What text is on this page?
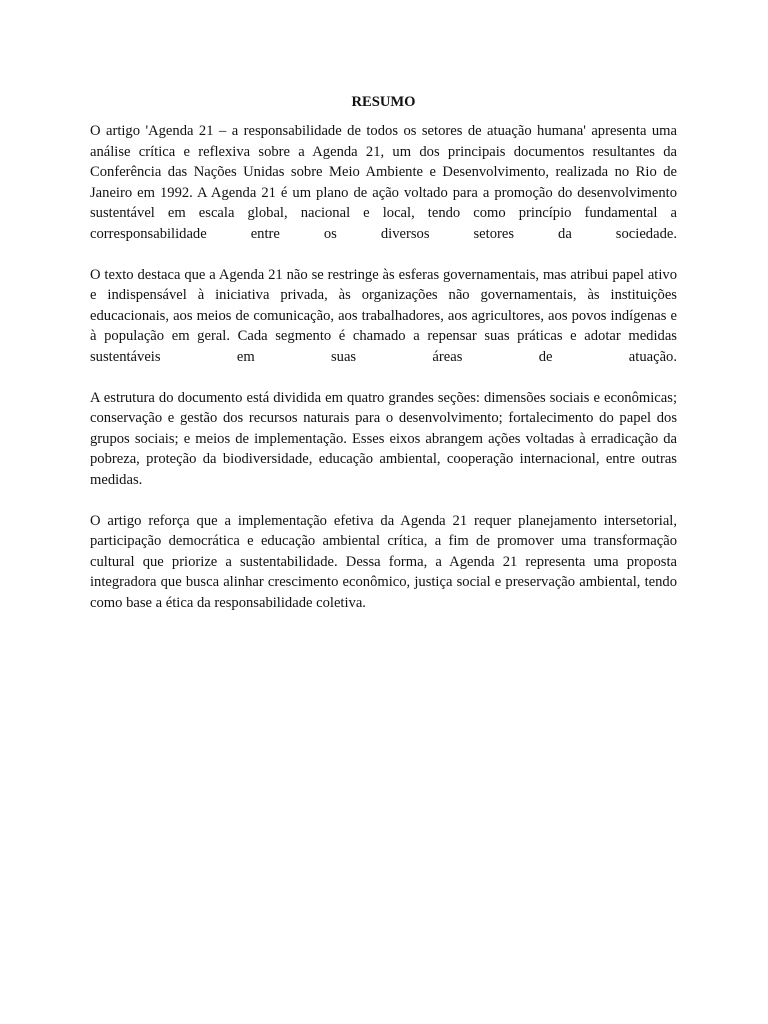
RESUMO

O artigo 'Agenda 21 – a responsabilidade de todos os setores de atuação humana' apresenta uma análise crítica e reflexiva sobre a Agenda 21, um dos principais documentos resultantes da Conferência das Nações Unidas sobre Meio Ambiente e Desenvolvimento, realizada no Rio de Janeiro em 1992. A Agenda 21 é um plano de ação voltado para a promoção do desenvolvimento sustentável em escala global, nacional e local, tendo como princípio fundamental a corresponsabilidade entre os diversos setores da sociedade.

O texto destaca que a Agenda 21 não se restringe às esferas governamentais, mas atribui papel ativo e indispensável à iniciativa privada, às organizações não governamentais, às instituições educacionais, aos meios de comunicação, aos trabalhadores, aos agricultores, aos povos indígenas e à população em geral. Cada segmento é chamado a repensar suas práticas e adotar medidas sustentáveis em suas áreas de atuação.

A estrutura do documento está dividida em quatro grandes seções: dimensões sociais e econômicas; conservação e gestão dos recursos naturais para o desenvolvimento; fortalecimento do papel dos grupos sociais; e meios de implementação. Esses eixos abrangem ações voltadas à erradicação da pobreza, proteção da biodiversidade, educação ambiental, cooperação internacional, entre outras medidas.

O artigo reforça que a implementação efetiva da Agenda 21 requer planejamento intersetorial, participação democrática e educação ambiental crítica, a fim de promover uma transformação cultural que priorize a sustentabilidade. Dessa forma, a Agenda 21 representa uma proposta integradora que busca alinhar crescimento econômico, justiça social e preservação ambiental, tendo como base a ética da responsabilidade coletiva.
